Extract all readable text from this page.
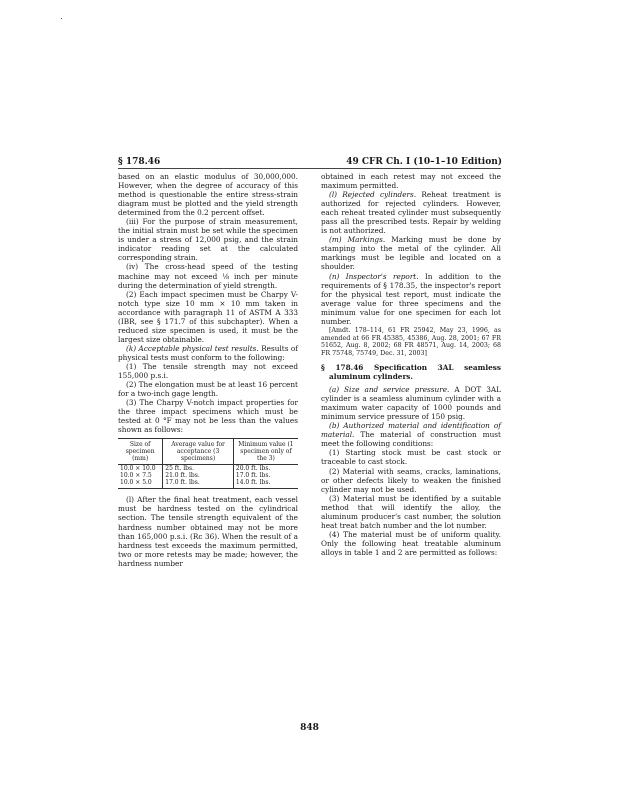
§ 178.46	49 CFR Ch. I (10–1–10 Edition)

based on an elastic modulus of 30,000,000. However, when the degree of accuracy of this method is questionable the entire stress-strain diagram must be plotted and the yield strength determined from the 0.2 percent offset.

(iii) For the purpose of strain measurement, the initial strain must be set while the specimen is under a stress of 12,000 psig, and the strain indicator reading set at the calculated corresponding strain.

(iv) The cross-head speed of the testing machine may not exceed ⅛ inch per minute during the determination of yield strength.

(2) Each impact specimen must be Charpy V-notch type size 10 mm × 10 mm taken in accordance with paragraph 11 of ASTM A 333 (IBR, see § 171.7 of this subchapter). When a reduced size specimen is used, it must be the largest size obtainable.

(k) Acceptable physical test results. Results of physical tests must conform to the following:

(1) The tensile strength may not exceed 155,000 p.s.i.

(2) The elongation must be at least 16 percent for a two-inch gage length.

(3) The Charpy V-notch impact properties for the three impact specimens which must be tested at 0 °F may not be less than the values shown as follows:

Size of specimen (mm)	Average value for acceptance (3 specimens)	Minimum value (1 specimen only of the 3)
10.0 × 10.0	25 ft. lbs.	20.0 ft. lbs.
10.0 × 7.5	21.0 ft. lbs.	17.0 ft. lbs.
10.0 × 5.0	17.0 ft. lbs.	14.0 ft. lbs.

(l) After the final heat treatment, each vessel must be hardness tested on the cylindrical section. The tensile strength equivalent of the hardness number obtained may not be more than 165,000 p.s.i. (Rc 36). When the result of a hardness test exceeds the maximum permitted, two or more retests may be made; however, the hardness number

obtained in each retest may not exceed the maximum permitted.

(l) Rejected cylinders. Reheat treatment is authorized for rejected cylinders. However, each reheat treated cylinder must subsequently pass all the prescribed tests. Repair by welding is not authorized.

(m) Markings. Marking must be done by stamping into the metal of the cylinder. All markings must be legible and located on a shoulder.

(n) Inspector's report. In addition to the requirements of § 178.35, the inspector's report for the physical test report, must indicate the average value for three specimens and the minimum value for one specimen for each lot number.

[Amdt. 178–114, 61 FR 25942, May 23, 1996, as amended at 66 FR 45385, 45386, Aug. 28, 2001; 67 FR 51652, Aug. 8, 2002; 68 FR 48571, Aug. 14, 2003; 68 FR 75748, 75749, Dec. 31, 2003]

§ 178.46 Specification 3AL seamless aluminum cylinders.

(a) Size and service pressure. A DOT 3AL cylinder is a seamless aluminum cylinder with a maximum water capacity of 1000 pounds and minimum service pressure of 150 psig.

(b) Authorized material and identification of material. The material of construction must meet the following conditions:

(1) Starting stock must be cast stock or traceable to cast stock.

(2) Material with seams, cracks, laminations, or other defects likely to weaken the finished cylinder may not be used.

(3) Material must be identified by a suitable method that will identify the alloy, the aluminum producer's cast number, the solution heat treat batch number and the lot number.

(4) The material must be of uniform quality. Only the following heat treatable aluminum alloys in table 1 and 2 are permitted as follows:

848
